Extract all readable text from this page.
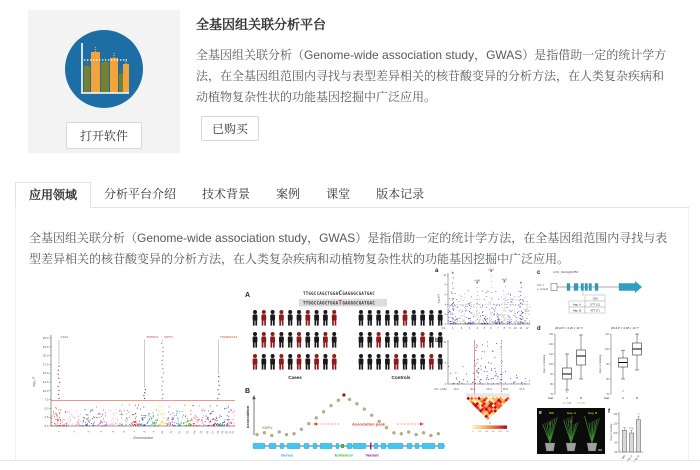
打开软件
全基因组关联分析平台
全基因组关联分析（Genome-wide association study，GWAS）是指借助一定的统计学方法，在全基因组范围内寻找与表型差异相关的核苷酸变异的分析方法，在人类复杂疾病和动植物复杂性状的功能基因挖掘中广泛应用。
已购买
应用领域	分析平台介绍	技术背景	案例	课堂	版本记录

全基因组关联分析（Genome-wide association study，GWAS）是指借助一定的统计学方法，在全基因组范围内寻找与表型差异相关的核苷酸变异的分析方法，在人类复杂疾病和动植物复杂性状的功能基因挖掘中广泛应用。

0.0
2.5
5.0
7.5
10.0
12.5
15.0
17.5
20.0
22.5
25.0
-log₁₀ P
1	2	3	4	5	6	7	8	9	10	11	12	13	14	15 16 17 18 19 20 21 22
Chromosome
CSF1	TM7SF4 OPTN	TNFRSF11A
A	TTGGCCAGCTGGACGAGGGCGATGAC
TTGGCCAGCTGGATGAGGGCGATGAC
Cases	Controls
B
Association	SNPs
Association peak
Genes	Enhancer	Variant
a
*
*
Hd6
*
Hd1
*
Hd2
*
0
2
4
6
8
10
-log₁₀(P)
Chr. 1	2	3 4 5 6 7 8 9 10 11 12
b
0
5
10
-log₁₀(P)
Chr. 1 (Mb)	36.2	36.4	36.6	36.8	37.0
r²
0	0.2	0.4	0.6	0.8	1.0
c	LOC_Os01g62780
Chr. 1
(+ strand)
-526
Hap. A	GTT (C)
Hap. B	ATT (T)
d	2013 P = 4.20 × 10⁻¹³
70
80
90
100
110
120
130
Days to heading
Hap.	A	B
(n = 108)	(n = 67)
2014 P = 3.08 × 10⁻²⁶
70
80
90
100
110
Days to heading
Hap.	A	B
e NIP	Hap. A	Hap. B f
80
90
100
110
120
Days to heading
NIP
n.s.
Hap. A
**
Hap. B
